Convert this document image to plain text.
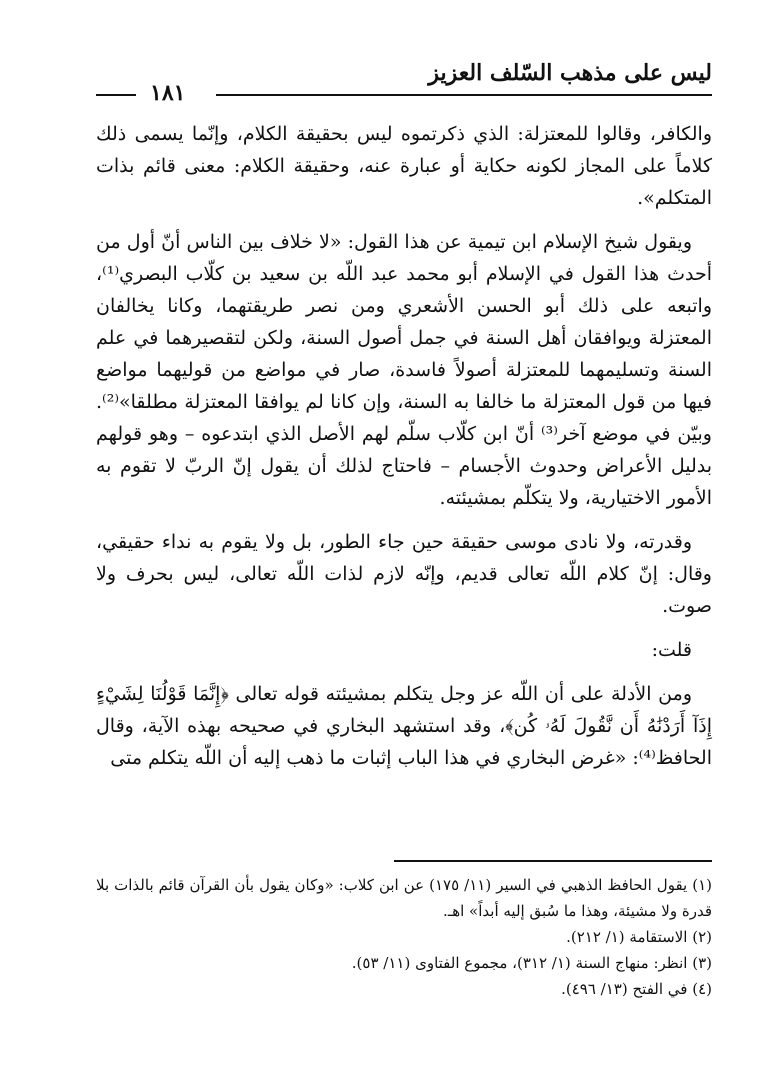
ليس على مذهب السّلف العزيز
١٨١

والكافر، وقالوا للمعتزلة: الذي ذكرتموه ليس بحقيقة الكلام، وإنّما يسمى ذلك كلاماً على المجاز لكونه حكاية أو عبارة عنه، وحقيقة الكلام: معنى قائم بذات المتكلم».

ويقول شيخ الإسلام ابن تيمية عن هذا القول: «لا خلاف بين الناس أنّ أول من أحدث هذا القول في الإسلام أبو محمد عبد اللّه بن سعيد بن كلّاب البصري⁽¹⁾، واتبعه على ذلك أبو الحسن الأشعري ومن نصر طريقتهما، وكانا يخالفان المعتزلة ويوافقان أهل السنة في جمل أصول السنة، ولكن لتقصيرهما في علم السنة وتسليمهما للمعتزلة أصولاً فاسدة، صار في مواضع من قوليهما مواضع فيها من قول المعتزلة ما خالفا به السنة، وإن كانا لم يوافقا المعتزلة مطلقا»⁽²⁾. وبيّن في موضع آخر⁽³⁾ أنّ ابن كلّاب سلّم لهم الأصل الذي ابتدعوه – وهو قولهم بدليل الأعراض وحدوث الأجسام – فاحتاج لذلك أن يقول إنّ الربّ لا تقوم به الأمور الاختيارية، ولا يتكلّم بمشيئته.

وقدرته، ولا نادى موسى حقيقة حين جاء الطور، بل ولا يقوم به نداء حقيقي، وقال: إنّ كلام اللّه تعالى قديم، وإنّه لازم لذات اللّه تعالى، ليس بحرف ولا صوت.

قلت:

ومن الأدلة على أن اللّه عز وجل يتكلم بمشيئته قوله تعالى ﴿إِنَّمَا قَوْلُنَا لِشَيْءٍ إِذَآ أَرَدْنَٰهُ أَن نَّقُولَ لَهُۥ كُن﴾، وقد استشهد البخاري في صحيحه بهذه الآية، وقال الحافظ⁽⁴⁾: «غرض البخاري في هذا الباب إثبات ما ذهب إليه أن اللّه يتكلم متى

(١) يقول الحافظ الذهبي في السير (١١/ ١٧٥) عن ابن كلاب: «وكان يقول بأن القرآن قائم بالذات بلا قدرة ولا مشيئة، وهذا ما سُبق إليه أبداً» اهـ.

(٢) الاستقامة (١/ ٢١٢).

(٣) انظر: منهاج السنة (١/ ٣١٢)، مجموع الفتاوى (١١/ ٥٣).

(٤) في الفتح (١٣/ ٤٩٦).
